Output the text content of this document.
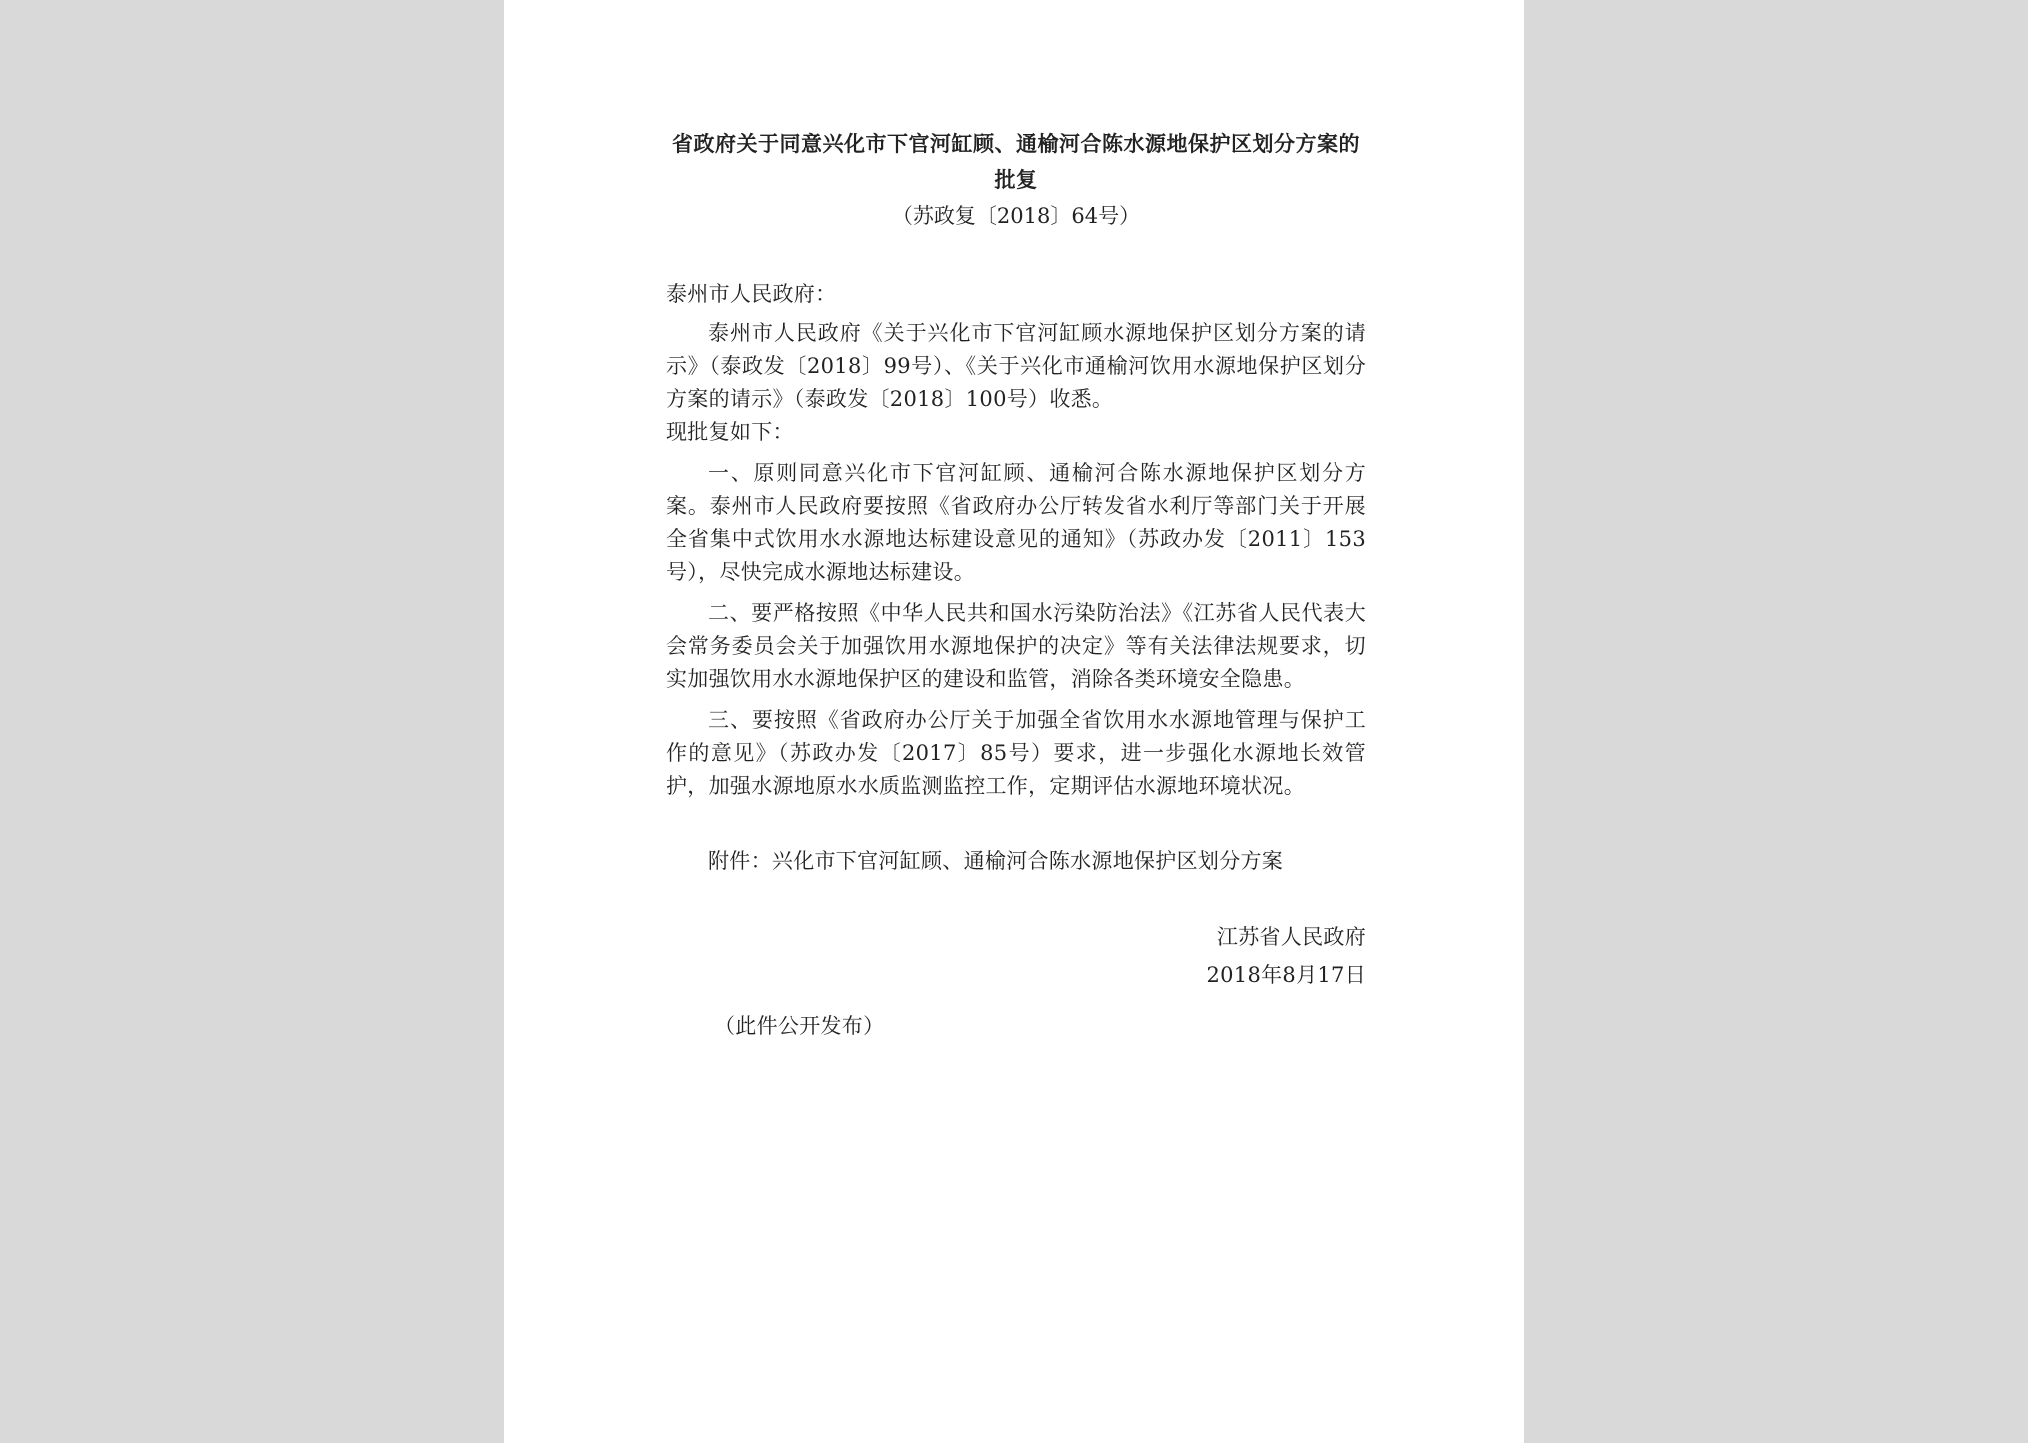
省政府关于同意兴化市下官河缸顾、通榆河合陈水源地保护区划分方案的批复

（苏政复〔2018〕64号）

泰州市人民政府：

泰州市人民政府《关于兴化市下官河缸顾水源地保护区划分方案的请示》（泰政发〔2018〕99号）、《关于兴化市通榆河饮用水源地保护区划分方案的请示》（泰政发〔2018〕100号）收悉。

现批复如下：

一、原则同意兴化市下官河缸顾、通榆河合陈水源地保护区划分方案。泰州市人民政府要按照《省政府办公厅转发省水利厅等部门关于开展全省集中式饮用水水源地达标建设意见的通知》（苏政办发〔2011〕153号），尽快完成水源地达标建设。

二、要严格按照《中华人民共和国水污染防治法》《江苏省人民代表大会常务委员会关于加强饮用水源地保护的决定》等有关法律法规要求，切实加强饮用水水源地保护区的建设和监管，消除各类环境安全隐患。

三、要按照《省政府办公厅关于加强全省饮用水水源地管理与保护工作的意见》（苏政办发〔2017〕85号）要求，进一步强化水源地长效管护，加强水源地原水水质监测监控工作，定期评估水源地环境状况。

附件：兴化市下官河缸顾、通榆河合陈水源地保护区划分方案

江苏省人民政府
2018年8月17日

（此件公开发布）
